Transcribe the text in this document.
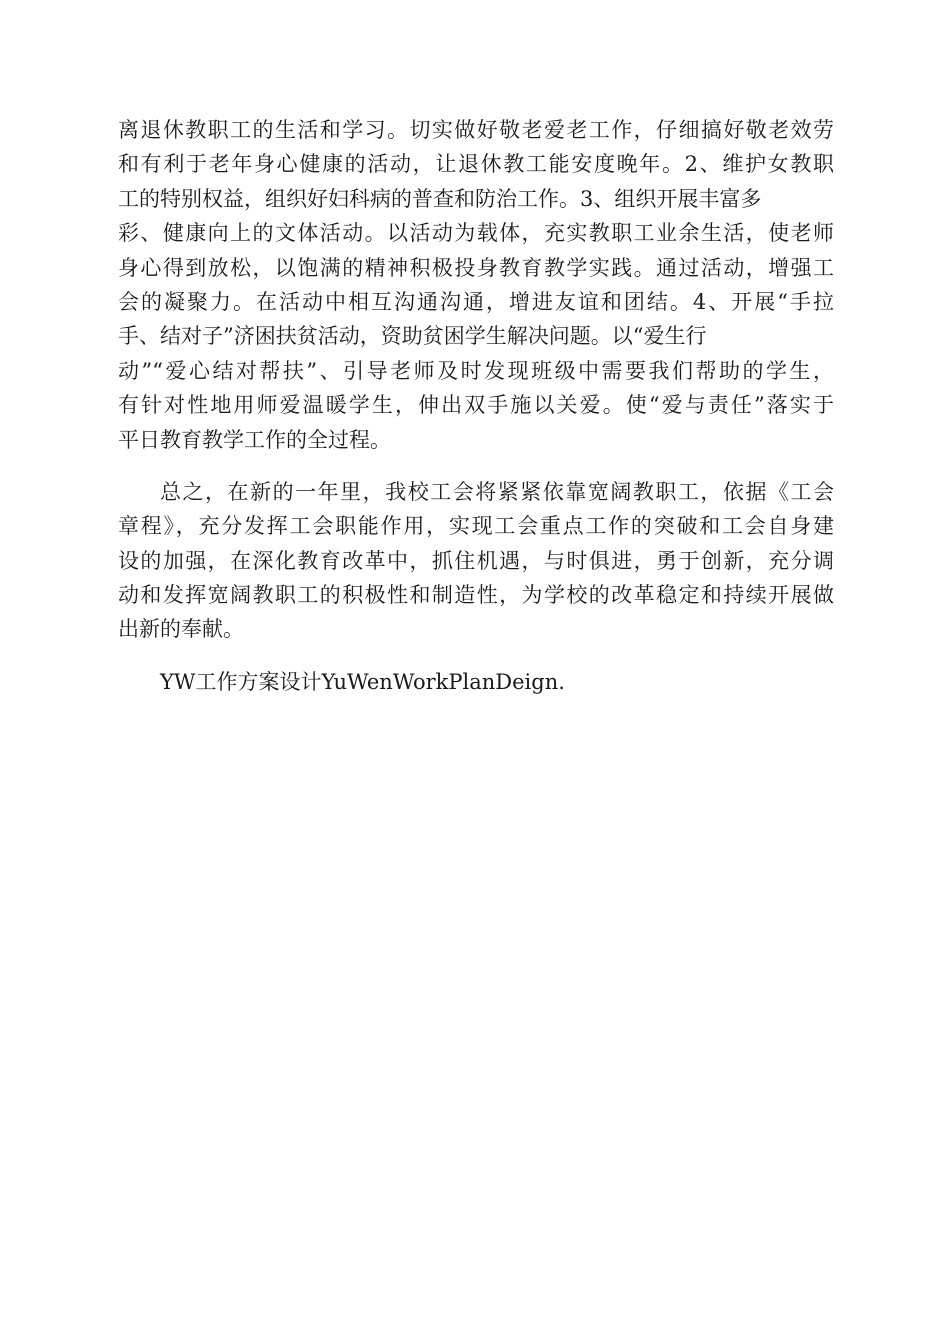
离退休教职工的生活和学习。切实做好敬老爱老工作，仔细搞好敬老效劳
和有利于老年身心健康的活动，让退休教工能安度晚年。2、维护女教职
工的特别权益，组织好妇科病的普查和防治工作。3、组织开展丰富多
彩、健康向上的文体活动。以活动为载体，充实教职工业余生活，使老师
身心得到放松，以饱满的精神积极投身教育教学实践。通过活动，增强工
会的凝聚力。在活动中相互沟通沟通，增进友谊和团结。4、开展“手拉
手、结对子”济困扶贫活动，资助贫困学生解决问题。以“爱生行
动”“爱心结对帮扶”、引导老师及时发现班级中需要我们帮助的学生，
有针对性地用师爱温暖学生，伸出双手施以关爱。使“爱与责任”落实于
平日教育教学工作的全过程。
总之，在新的一年里，我校工会将紧紧依靠宽阔教职工，依据《工会
章程》，充分发挥工会职能作用，实现工会重点工作的突破和工会自身建
设的加强，在深化教育改革中，抓住机遇，与时俱进，勇于创新，充分调
动和发挥宽阔教职工的积极性和制造性，为学校的改革稳定和持续开展做
出新的奉献。
YW工作方案设计YuWenWorkPlanDeign.
